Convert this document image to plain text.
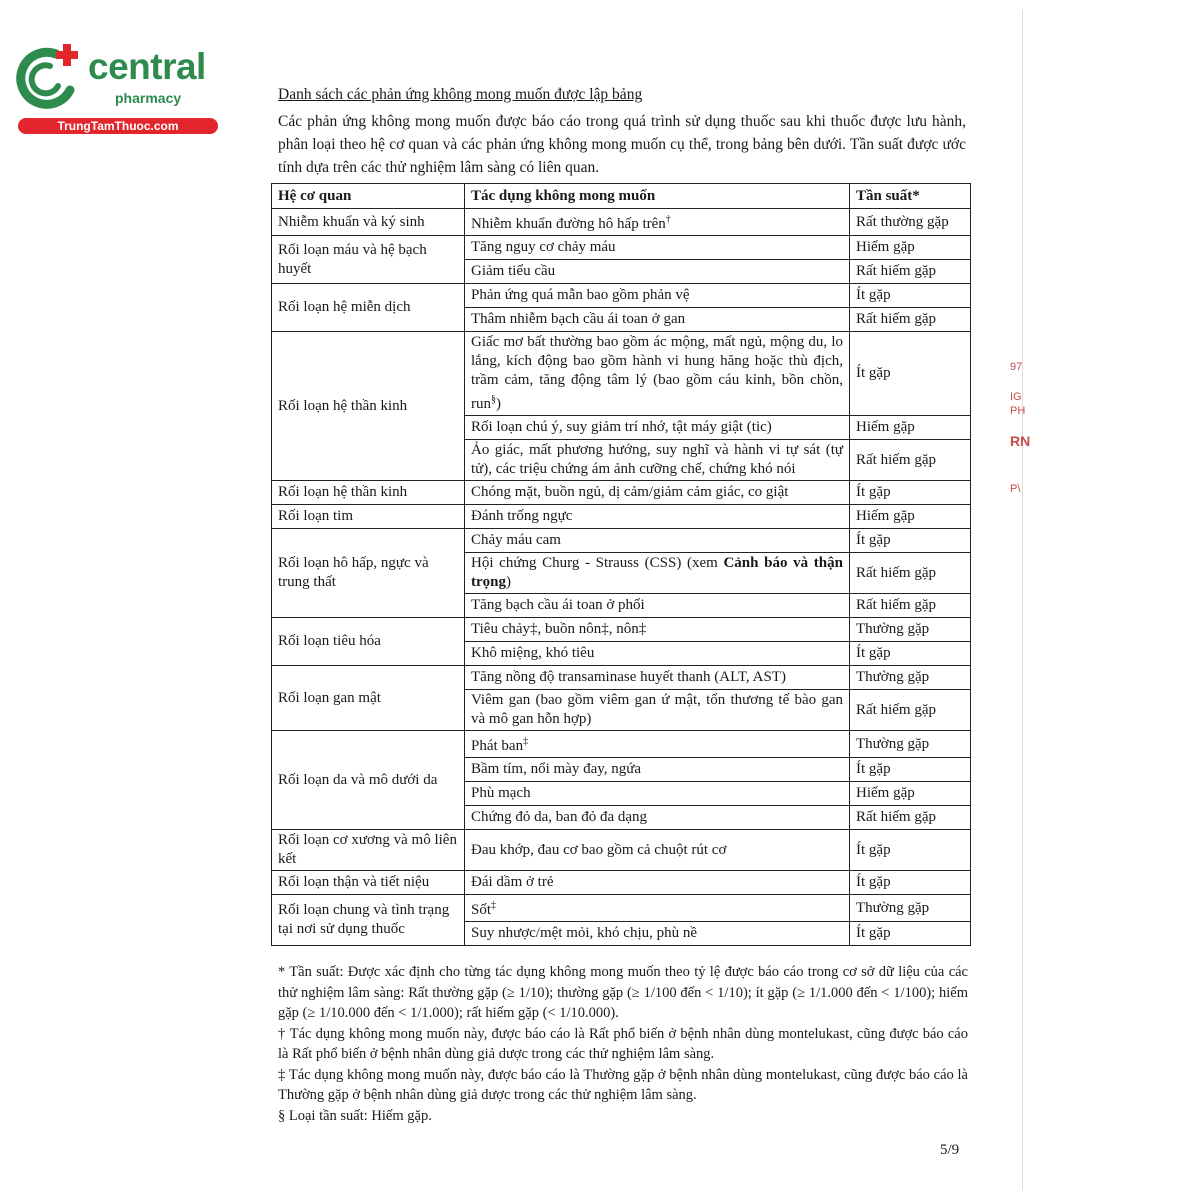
central
pharmacy
TrungTamThuoc.com
97
IG
PH
RN
P\
Danh sách các phản ứng không mong muốn được lập bảng
Các phản ứng không mong muốn được báo cáo trong quá trình sử dụng thuốc sau khi thuốc được lưu hành, phân loại theo hệ cơ quan và các phản ứng không mong muốn cụ thể, trong bảng bên dưới. Tần suất được ước tính dựa trên các thử nghiệm lâm sàng có liên quan.
Hệ cơ quan	Tác dụng không mong muốn	Tần suất*
Nhiễm khuẩn và ký sinh	Nhiễm khuẩn đường hô hấp trên†	Rất thường gặp
Rối loạn máu và hệ bạch huyết	Tăng nguy cơ chảy máu	Hiếm gặp
	Giảm tiểu cầu	Rất hiếm gặp
Rối loạn hệ miễn dịch	Phản ứng quá mẫn bao gồm phản vệ	Ít gặp
	Thâm nhiễm bạch cầu ái toan ở gan	Rất hiếm gặp
Rối loạn hệ thần kinh	Giấc mơ bất thường bao gồm ác mộng, mất ngủ, mộng du, lo lắng, kích động bao gồm hành vi hung hăng hoặc thù địch, trầm cảm, tăng động tâm lý (bao gồm cáu kỉnh, bồn chồn, run§)	Ít gặp
	Rối loạn chú ý, suy giảm trí nhớ, tật máy giật (tic)	Hiếm gặp
	Ảo giác, mất phương hướng, suy nghĩ và hành vi tự sát (tự tử), các triệu chứng ám ảnh cưỡng chế, chứng khó nói	Rất hiếm gặp
Rối loạn hệ thần kinh	Chóng mặt, buồn ngủ, dị cảm/giảm cảm giác, co giật	Ít gặp
Rối loạn tim	Đánh trống ngực	Hiếm gặp
Rối loạn hô hấp, ngực và trung thất	Chảy máu cam	Ít gặp
	Hội chứng Churg - Strauss (CSS) (xem Cảnh báo và thận trọng)	Rất hiếm gặp
	Tăng bạch cầu ái toan ở phổi	Rất hiếm gặp
Rối loạn tiêu hóa	Tiêu chảy‡, buồn nôn‡, nôn‡	Thường gặp
	Khô miệng, khó tiêu	Ít gặp
Rối loạn gan mật	Tăng nồng độ transaminase huyết thanh (ALT, AST)	Thường gặp
	Viêm gan (bao gồm viêm gan ứ mật, tổn thương tế bào gan và mô gan hỗn hợp)	Rất hiếm gặp
Rối loạn da và mô dưới da	Phát ban‡	Thường gặp
	Bầm tím, nổi mày đay, ngứa	Ít gặp
	Phù mạch	Hiếm gặp
	Chứng đỏ da, ban đỏ đa dạng	Rất hiếm gặp
Rối loạn cơ xương và mô liên kết	Đau khớp, đau cơ bao gồm cả chuột rút cơ	Ít gặp
Rối loạn thận và tiết niệu	Đái dầm ở trẻ	Ít gặp
Rối loạn chung và tình trạng tại nơi sử dụng thuốc	Sốt‡	Thường gặp
	Suy nhược/mệt mỏi, khó chịu, phù nề	Ít gặp

* Tần suất: Được xác định cho từng tác dụng không mong muốn theo tỷ lệ được báo cáo trong cơ sở dữ liệu của các thử nghiệm lâm sàng: Rất thường gặp (≥ 1/10); thường gặp (≥ 1/100 đến < 1/10); ít gặp (≥ 1/1.000 đến < 1/100); hiếm gặp (≥ 1/10.000 đến < 1/1.000); rất hiếm gặp (< 1/10.000).

† Tác dụng không mong muốn này, được báo cáo là Rất phổ biến ở bệnh nhân dùng montelukast, cũng được báo cáo là Rất phổ biến ở bệnh nhân dùng giả dược trong các thử nghiệm lâm sàng.

‡ Tác dụng không mong muốn này, được báo cáo là Thường gặp ở bệnh nhân dùng montelukast, cũng được báo cáo là Thường gặp ở bệnh nhân dùng giả dược trong các thử nghiệm lâm sàng.

§ Loại tần suất: Hiếm gặp.

5/9
